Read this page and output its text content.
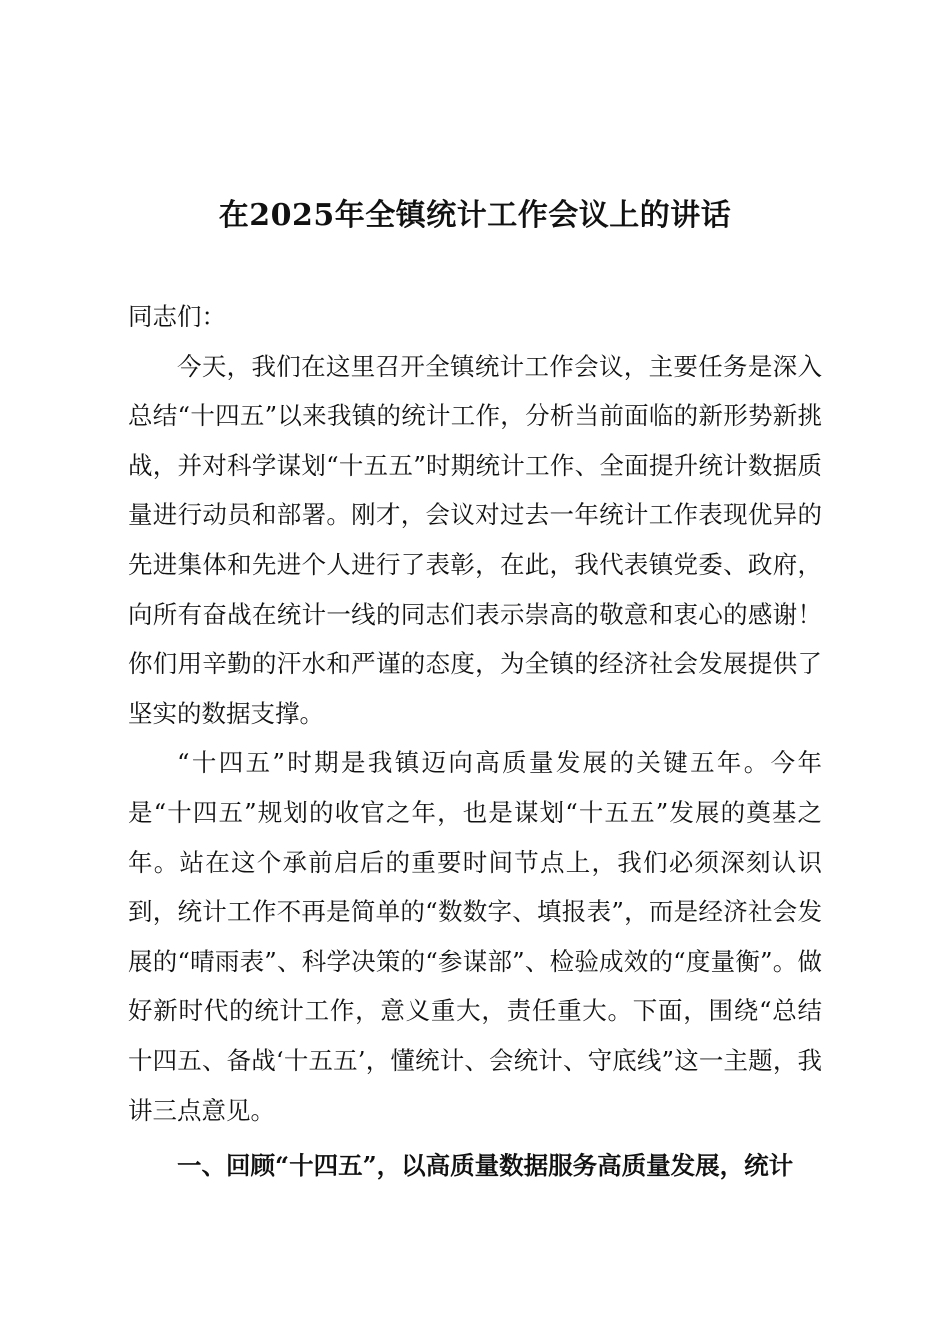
在2025年全镇统计工作会议上的讲话

同志们：

今天，我们在这里召开全镇统计工作会议，主要任务是深入总结“十四五”以来我镇的统计工作，分析当前面临的新形势新挑战，并对科学谋划“十五五”时期统计工作、全面提升统计数据质量进行动员和部署。刚才，会议对过去一年统计工作表现优异的先进集体和先进个人进行了表彰，在此，我代表镇党委、政府，向所有奋战在统计一线的同志们表示崇高的敬意和衷心的感谢！你们用辛勤的汗水和严谨的态度，为全镇的经济社会发展提供了坚实的数据支撑。

“十四五”时期是我镇迈向高质量发展的关键五年。今年是“十四五”规划的收官之年，也是谋划“十五五”发展的奠基之年。站在这个承前启后的重要时间节点上，我们必须深刻认识到，统计工作不再是简单的“数数字、填报表”，而是经济社会发展的“晴雨表”、科学决策的“参谋部”、检验成效的“度量衡”。做好新时代的统计工作，意义重大，责任重大。下面，围绕“总结十四五、备战‘十五五’，懂统计、会统计、守底线”这一主题，我讲三点意见。

一、回顾“十四五”，以高质量数据服务高质量发展，统计
